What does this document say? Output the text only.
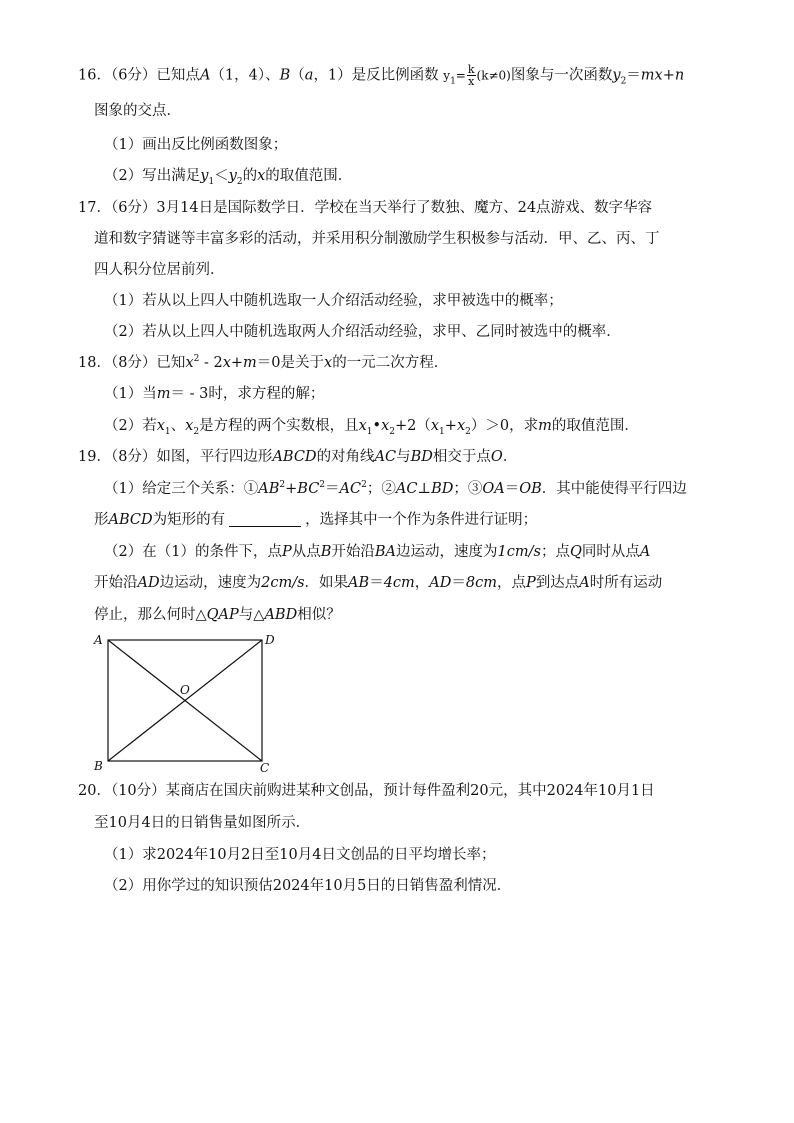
16．（6分）已知点A（1，4）、B（a，1）是反比例函数 $y_1= \frac{k}{x} (k\ne 0)$图象与一次函数$y_2=mx+n$
图象的交点．
（1）画出反比例函数图象；
（2）写出满足$y_1<y_2$的x的取值范围．
17．（6分）3月14日是国际数学日．学校在当天举行了数独、魔方、24点游戏、数字华容
道和数字猜谜等丰富多彩的活动，并采用积分制激励学生积极参与活动．甲、乙、丙、丁
四人积分位居前列．
（1）若从以上四人中随机选取一人介绍活动经验，求甲被选中的概率；
（2）若从以上四人中随机选取两人介绍活动经验，求甲、乙同时被选中的概率．
18．（8分）已知$x^2 - 2x+m=0$是关于x的一元二次方程．
（1）当m＝ - 3时，求方程的解；
（2）若$x_1$、$x_2$是方程的两个实数根，且$x_1•x_2+2(x_1+x_2)>0$，求m的取值范围．
19．（8分）如图，平行四边形ABCD的对角线AC与BD相交于点O．
（1）给定三个关系：$①AB^2+BC^2=AC^2$；②AC⊥BD；③OA＝OB．其中能使得平行四边
形ABCD为矩形的有	，选择其中一个作为条件进行证明；
（2）在（1）的条件下，点P从点B开始沿BA边运动，速度为1cm/s；点Q同时从点A
开始沿AD边运动，速度为2cm/s．如果AB＝4cm，AD＝8cm，点P到达点A时所有运动
停止，那么何时△QAP与△ABD相似？
A	D
B	C
O
20．（10分）某商店在国庆前购进某种文创品，预计每件盈利20元，其中2024年10月1日
至10月4日的日销售量如图所示．
（1）求2024年10月2日至10月4日文创品的日平均增长率；
（2）用你学过的知识预估2024年10月5日的日销售盈利情况．
